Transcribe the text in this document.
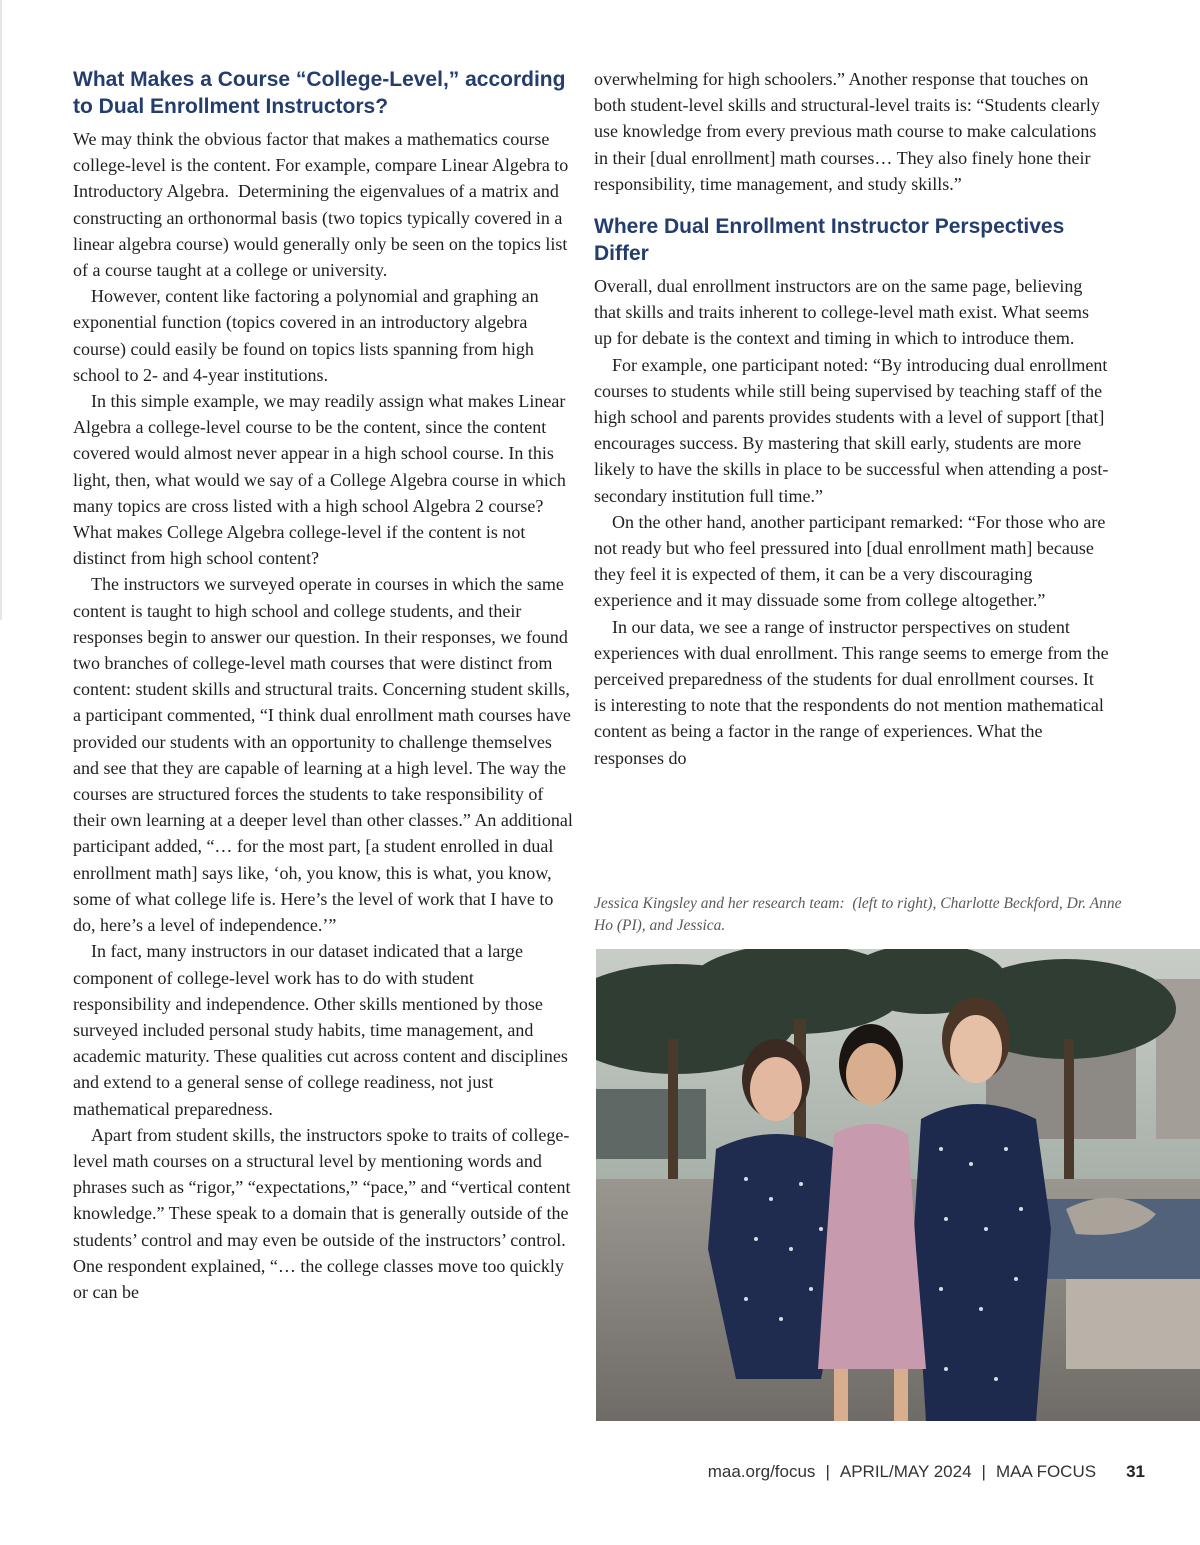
What Makes a Course “College-Level,” according to Dual Enrollment Instructors?

We may think the obvious factor that makes a mathematics course college-level is the content. For example, compare Linear Algebra to Introductory Algebra.  Determining the eigenvalues of a matrix and constructing an orthonormal basis (two topics typically covered in a linear algebra course) would generally only be seen on the topics list of a course taught at a college or university.

However, content like factoring a polynomial and graphing an exponential function (topics covered in an introductory algebra course) could easily be found on topics lists spanning from high school to 2- and 4-year institutions.

In this simple example, we may readily assign what makes Linear Algebra a college-level course to be the content, since the content covered would almost never appear in a high school course. In this light, then, what would we say of a College Algebra course in which many topics are cross listed with a high school Algebra 2 course? What makes College Algebra college-level if the content is not distinct from high school content?

The instructors we surveyed operate in courses in which the same content is taught to high school and college students, and their responses begin to answer our question. In their responses, we found two branches of college-level math courses that were distinct from content: student skills and structural traits. Concerning student skills, a participant commented, “I think dual enrollment math courses have provided our students with an opportunity to challenge themselves and see that they are capable of learning at a high level. The way the courses are structured forces the students to take responsibility of their own learning at a deeper level than other classes.” An additional participant added, “… for the most part, [a student enrolled in dual enrollment math] says like, ‘oh, you know, this is what, you know, some of what college life is. Here’s the level of work that I have to do, here’s a level of independence.’”

In fact, many instructors in our dataset indicated that a large component of college-level work has to do with student responsibility and independence. Other skills mentioned by those surveyed included personal study habits, time management, and academic maturity. These qualities cut across content and disciplines and extend to a general sense of college readiness, not just mathematical preparedness.

Apart from student skills, the instructors spoke to traits of college-level math courses on a structural level by mentioning words and phrases such as “rigor,” “expectations,” “pace,” and “vertical content knowledge.” These speak to a domain that is generally outside of the students’ control and may even be outside of the instructors’ control. One respondent explained, “… the college classes move too quickly or can be

overwhelming for high schoolers.” Another response that touches on both student-level skills and structural-level traits is: “Students clearly use knowledge from every previous math course to make calculations in their [dual enrollment] math courses… They also finely hone their responsibility, time management, and study skills.”

Where Dual Enrollment Instructor Perspectives Differ

Overall, dual enrollment instructors are on the same page, believing that skills and traits inherent to college-level math exist. What seems up for debate is the context and timing in which to introduce them.

For example, one participant noted: “By introducing dual enrollment courses to students while still being supervised by teaching staff of the high school and parents provides students with a level of support [that] encourages success. By mastering that skill early, students are more likely to have the skills in place to be successful when attending a post-secondary institution full time.”

On the other hand, another participant remarked: “For those who are not ready but who feel pressured into [dual enrollment math] because they feel it is expected of them, it can be a very discouraging experience and it may dissuade some from college altogether.”

In our data, we see a range of instructor perspectives on student experiences with dual enrollment. This range seems to emerge from the perceived preparedness of the students for dual enrollment courses. It is interesting to note that the respondents do not mention mathematical content as being a factor in the range of experiences. What the responses do

Jessica Kingsley and her research team:  (left to right), Charlotte Beckford, Dr. Anne Ho (PI), and Jessica.

maa.org/focus | APRIL/MAY 2024 | MAA FOCUS 31
